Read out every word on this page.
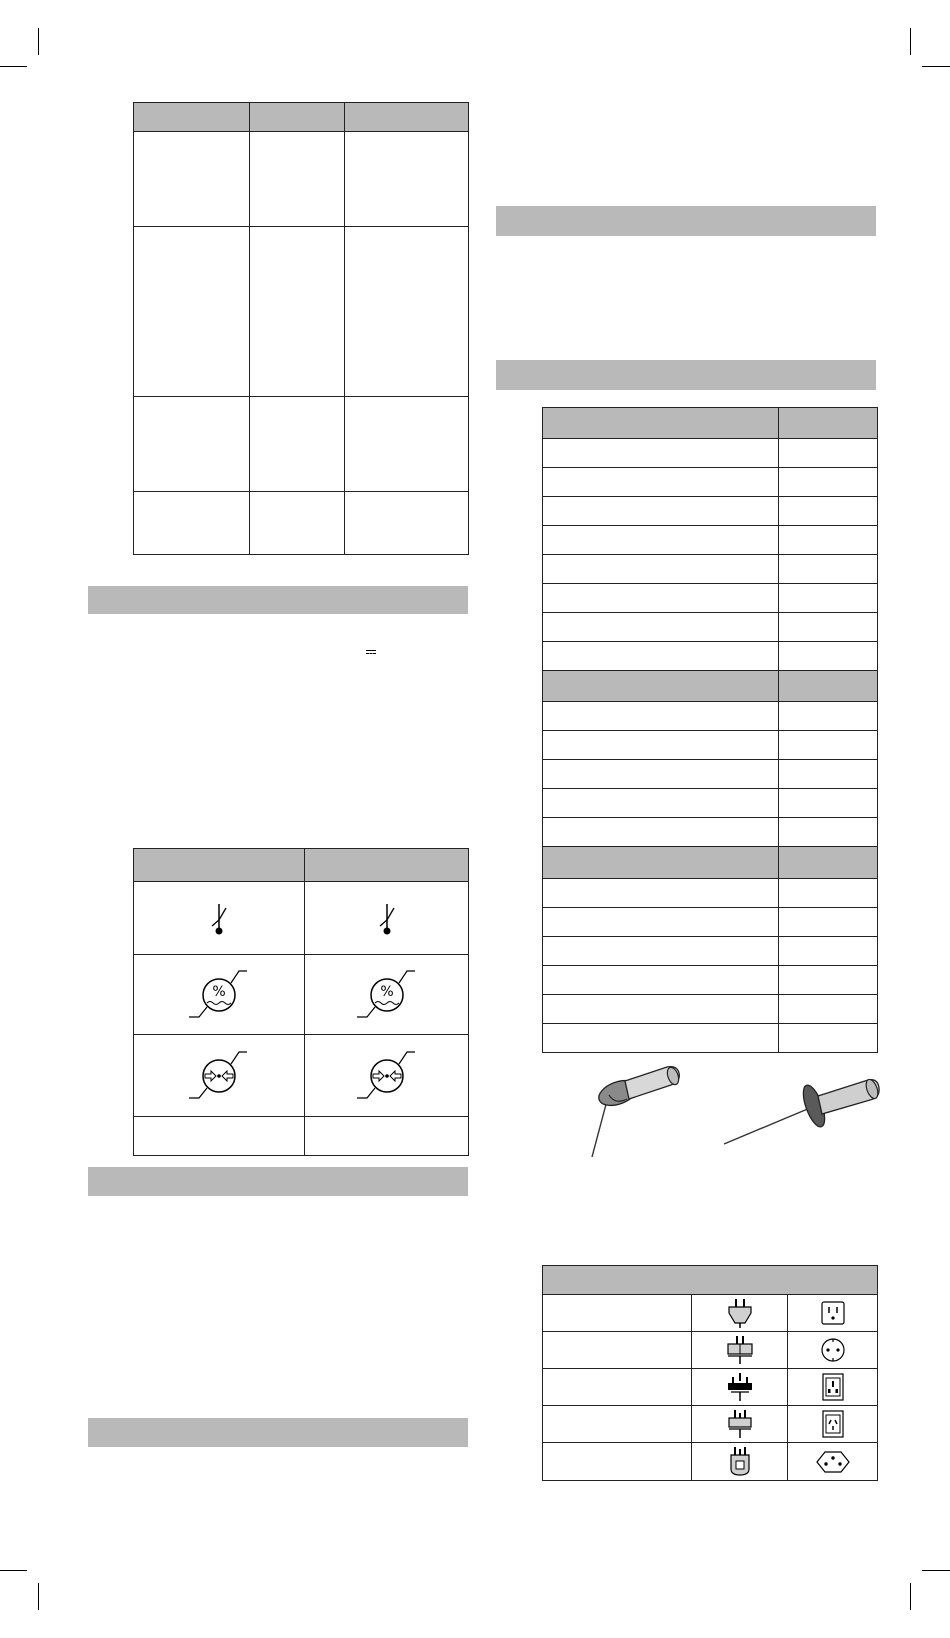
%	%
